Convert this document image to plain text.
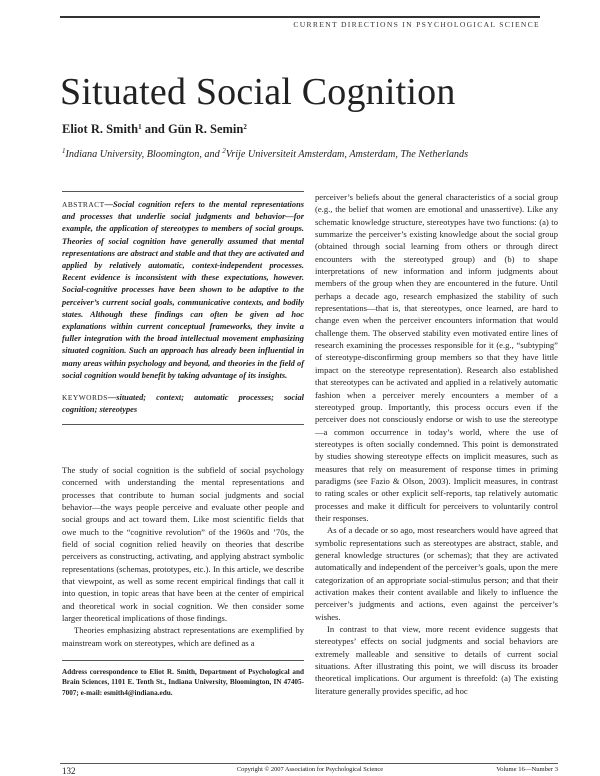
CURRENT DIRECTIONS IN PSYCHOLOGICAL SCIENCE
Situated Social Cognition
Eliot R. Smith$^1$ and Gün R. Semin$^2$
$^1$Indiana University, Bloomington, and $^2$Vrije Universiteit Amsterdam, Amsterdam, The Netherlands

ABSTRACT—Social cognition refers to the mental representations and processes that underlie social judgments and behavior—for example, the application of stereotypes to members of social groups. Theories of social cognition have generally assumed that mental representations are abstract and stable and that they are activated and applied by relatively automatic, context-independent processes. Recent evidence is inconsistent with these expectations, however. Social-cognitive processes have been shown to be adaptive to the perceiver’s current social goals, communicative contexts, and bodily states. Although these findings can often be given ad hoc explanations within current conceptual frameworks, they invite a fuller integration with the broad intellectual movement emphasizing situated cognition. Such an approach has already been influential in many areas within psychology and beyond, and theories in the field of social cognition would benefit by taking advantage of its insights.

KEYWORDS—situated; context; automatic processes; social cognition; stereotypes

The study of social cognition is the subfield of social psychology concerned with understanding the mental representations and processes that contribute to human social judgments and social behavior—the ways people perceive and evaluate other people and social groups and act toward them. Like most scientific fields that owe much to the “cognitive revolution” of the 1960s and ’70s, the field of social cognition relied heavily on theories that describe perceivers as constructing, activating, and applying abstract symbolic representations (schemas, prototypes, etc.). In this article, we describe that viewpoint, as well as some recent empirical findings that call it into question, in topic areas that have been at the center of empirical and theoretical work in social cognition. We then consider some larger theoretical implications of those findings.

Theories emphasizing abstract representations are exemplified by mainstream work on stereotypes, which are defined as a

Address correspondence to Eliot R. Smith, Department of Psychological and Brain Sciences, 1101 E. Tenth St., Indiana University, Bloomington, IN 47405-7007; e-mail: esmith4@indiana.edu.

perceiver’s beliefs about the general characteristics of a social group (e.g., the belief that women are emotional and unassertive). Like any schematic knowledge structure, stereotypes have two functions: (a) to summarize the perceiver’s existing knowledge about the social group (obtained through social learning from others or through direct encounters with the stereotyped group) and (b) to shape interpretations of new information and inform judgments about members of the group when they are encountered in the future. Until perhaps a decade ago, research emphasized the stability of such representations—that is, that stereotypes, once learned, are hard to change even when the perceiver encounters information that would challenge them. The observed stability even motivated entire lines of research examining the processes responsible for it (e.g., “subtyping” of stereotype-disconfirming group members so that they have little impact on the stereotype representation). Research also established that stereotypes can be activated and applied in a relatively automatic fashion when a perceiver merely encounters a member of a stereotyped group. Importantly, this process occurs even if the perceiver does not consciously endorse or wish to use the stereotype—a common occurrence in today’s world, where the use of stereotypes is often socially condemned. This point is demonstrated by studies showing stereotype effects on implicit measures, such as measures that rely on measurement of response times in priming paradigms (see Fazio & Olson, 2003). Implicit measures, in contrast to rating scales or other explicit self-reports, tap relatively automatic processes and make it difficult for perceivers to voluntarily control their responses.

As of a decade or so ago, most researchers would have agreed that symbolic representations such as stereotypes are abstract, stable, and general knowledge structures (or schemas); that they are activated automatically and independent of the perceiver’s goals, upon the mere categorization of an appropriate social-stimulus person; and that their activation makes their content available and likely to influence the perceiver’s judgments and actions, even against the perceiver’s wishes.

In contrast to that view, more recent evidence suggests that stereotypes’ effects on social judgments and social behaviors are extremely malleable and sensitive to details of current social situations. After illustrating this point, we will discuss its broader theoretical implications. Our argument is threefold: (a) The existing literature generally provides specific, ad hoc

132	Copyright © 2007 Association for Psychological Science	Volume 16—Number 3
